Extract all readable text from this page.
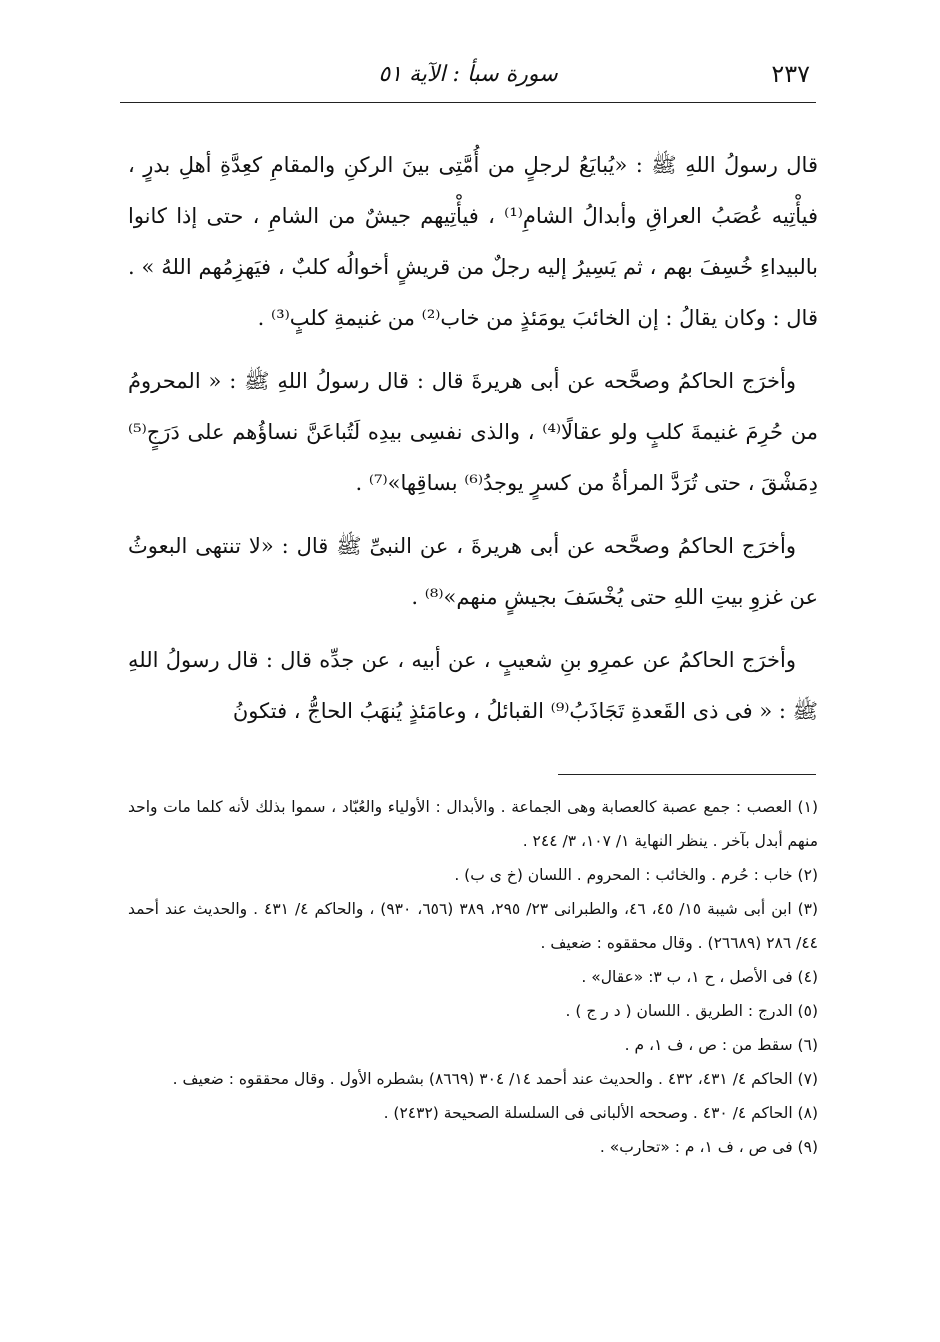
٢٣٧
سورة سبأ : الآية ٥١

قال رسولُ اللهِ ﷺ : «يُبايَعُ لرجلٍ من أُمَّتِى بينَ الركنِ والمقامِ كعِدَّةِ أهلِ بدرٍ ، فيأْتِيه عُصَبُ العراقِ وأبدالُ الشامِ⁽¹⁾ ، فيأْتِيهم جيشٌ من الشامِ ، حتى إذا كانوا بالبيداءِ خُسِفَ بهم ، ثم يَسِيرُ إليه رجلٌ من قريشٍ أخوالُه كلبٌ ، فيَهزِمُهم اللهُ » . قال : وكان يقالُ : إن الخائبَ يومَئذٍ من خاب⁽²⁾ من غنيمةِ كلبٍ⁽³⁾ .

وأخرَج الحاكمُ وصحَّحه عن أبى هريرةَ قال : قال رسولُ اللهِ ﷺ : « المحرومُ من حُرِمَ غنيمةَ كلبٍ ولو عقالًا⁽⁴⁾ ، والذى نفسِى بيدِه لَتُباعَنَّ نساؤُهم على دَرَجٍ⁽⁵⁾ دِمَشْقَ ، حتى تُرَدَّ المرأةُ من كسرٍ يوجدُ⁽⁶⁾ بساقِها»⁽⁷⁾ .

وأخرَج الحاكمُ وصحَّحه عن أبى هريرةَ ، عن النبىِّ ﷺ قال : «لا تنتهى البعوثُ عن غزوِ بيتِ اللهِ حتى يُخْسَفَ بجيشٍ منهم»⁽⁸⁾ .

وأخرَج الحاكمُ عن عمرِو بنِ شعيبٍ ، عن أبيه ، عن جدِّه قال : قال رسولُ اللهِ ﷺ : « فى ذى القَعدةِ تَجَاذَبُ⁽⁹⁾ القبائلُ ، وعامَئذٍ يُنهَبُ الحاجُّ ، فتكونُ

(١) العصب : جمع عصبة كالعصابة وهى الجماعة . والأبدال : الأولياء والعُبّاد ، سموا بذلك لأنه كلما مات واحد منهم أبدل بآخر . ينظر النهاية ١/ ١٠٧، ٣/ ٢٤٤ .

(٢) خاب : حُرم . والخائب : المحروم . اللسان (خ ى ب) .

(٣) ابن أبى شيبة ١٥/ ٤٥، ٤٦، والطبرانى ٢٣/ ٢٩٥، ٣٨٩ (٦٥٦، ٩٣٠) ، والحاكم ٤/ ٤٣١ . والحديث عند أحمد ٤٤/ ٢٨٦ (٢٦٦٨٩) . وقال محققوه : ضعيف .

(٤) فى الأصل ، ح ١، ب ٣: «عقال» .

(٥) الدرج : الطريق . اللسان ( د ر ج ) .

(٦) سقط من : ص ، ف ١، م .

(٧) الحاكم ٤/ ٤٣١، ٤٣٢ . والحديث عند أحمد ١٤/ ٣٠٤ (٨٦٦٩) بشطره الأول . وقال محققوه : ضعيف .

(٨) الحاكم ٤/ ٤٣٠ . وصححه الألبانى فى السلسلة الصحيحة (٢٤٣٢) .

(٩) فى ص ، ف ١، م : «تحارب» .
